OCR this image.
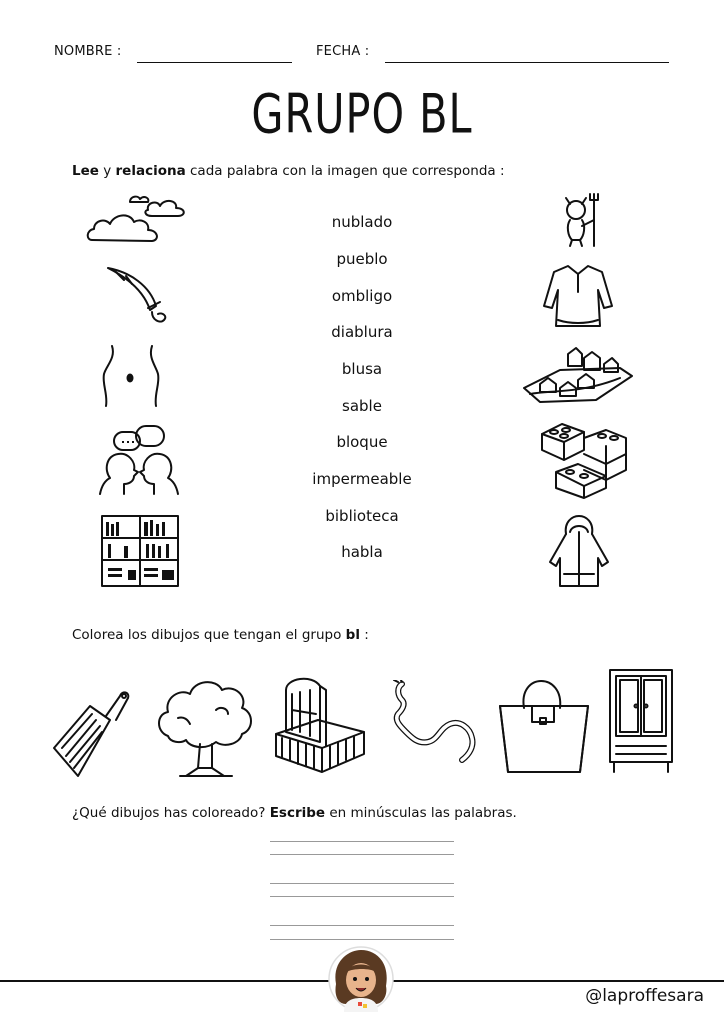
NOMBRE :	FECHA :
GRUPO BL
Lee y relaciona cada palabra con la imagen que corresponda :
nublado
pueblo
ombligo
diablura
blusa
sable
bloque
impermeable
biblioteca
habla
Colorea los dibujos que tengan el grupo bl :
¿Qué dibujos has coloreado? Escribe en minúsculas las palabras.
@laproffesara
